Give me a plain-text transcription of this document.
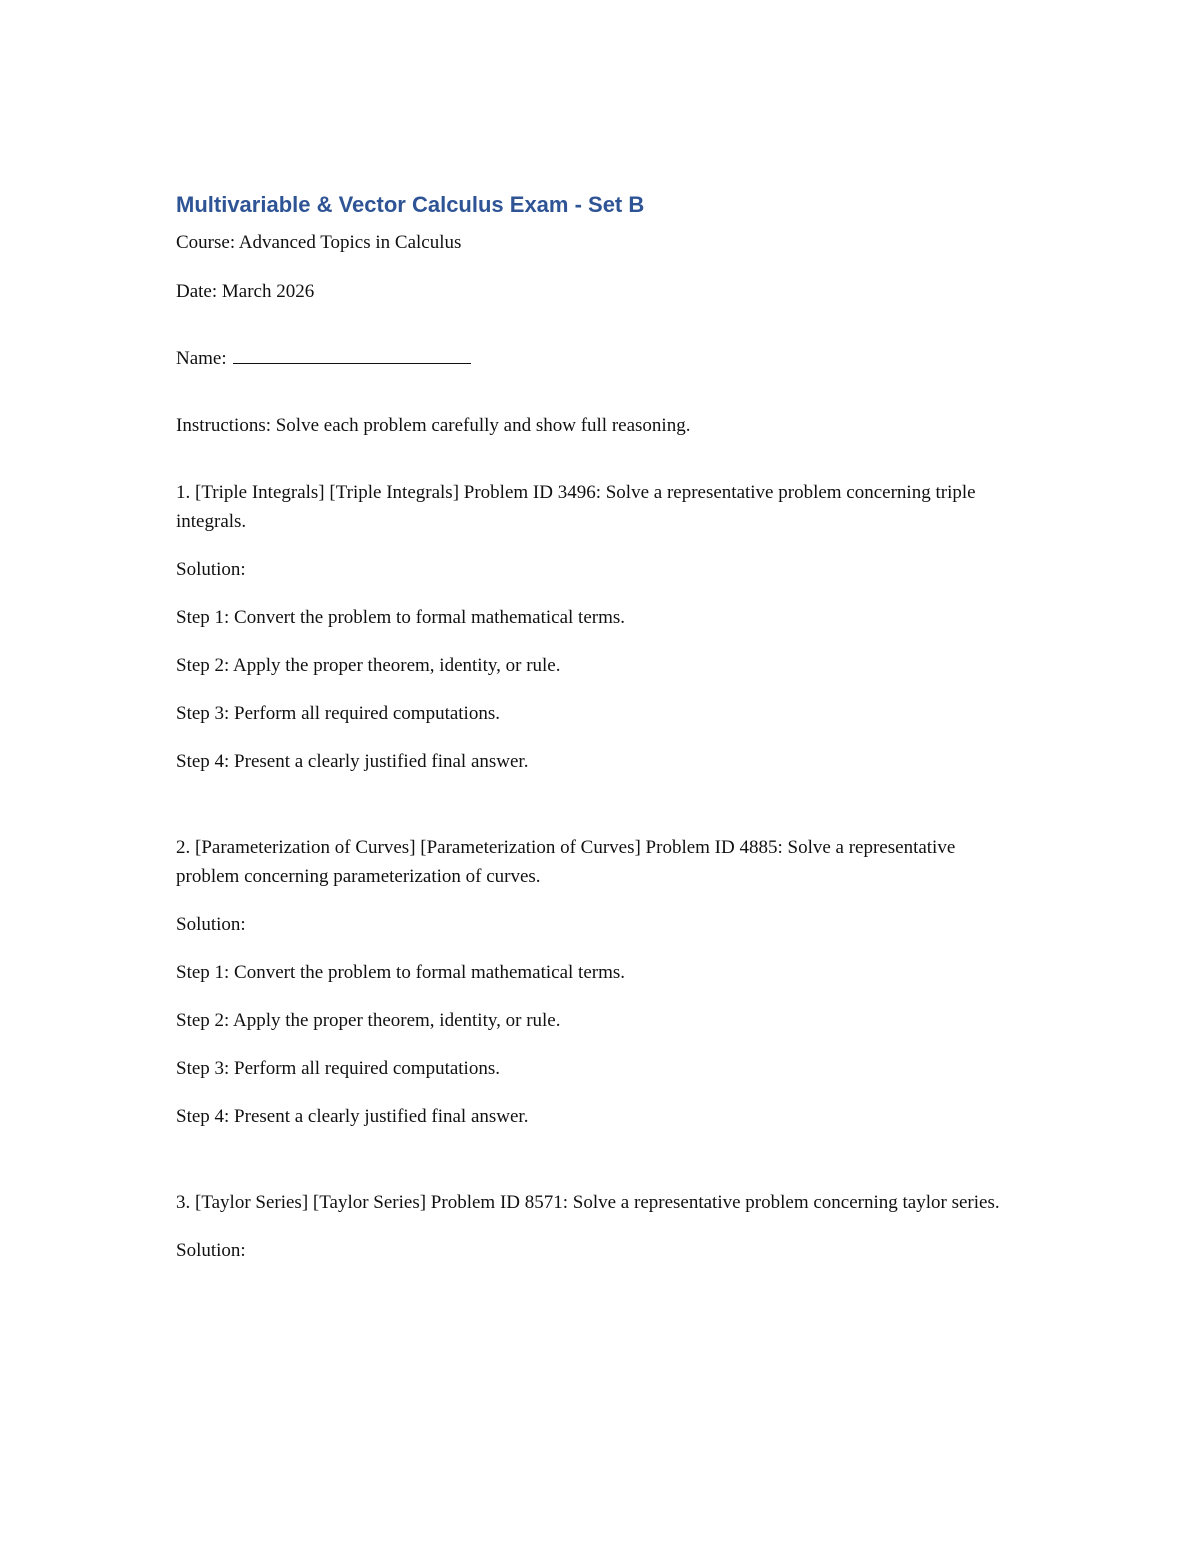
Multivariable & Vector Calculus Exam - Set B

Course: Advanced Topics in Calculus

Date: March 2026

Name:

Instructions: Solve each problem carefully and show full reasoning.

1. [Triple Integrals] [Triple Integrals] Problem ID 3496: Solve a representative problem concerning triple integrals.

Solution:

Step 1: Convert the problem to formal mathematical terms.

Step 2: Apply the proper theorem, identity, or rule.

Step 3: Perform all required computations.

Step 4: Present a clearly justified final answer.

2. [Parameterization of Curves] [Parameterization of Curves] Problem ID 4885: Solve a representative problem concerning parameterization of curves.

Solution:

Step 1: Convert the problem to formal mathematical terms.

Step 2: Apply the proper theorem, identity, or rule.

Step 3: Perform all required computations.

Step 4: Present a clearly justified final answer.

3. [Taylor Series] [Taylor Series] Problem ID 8571: Solve a representative problem concerning taylor series.

Solution:
